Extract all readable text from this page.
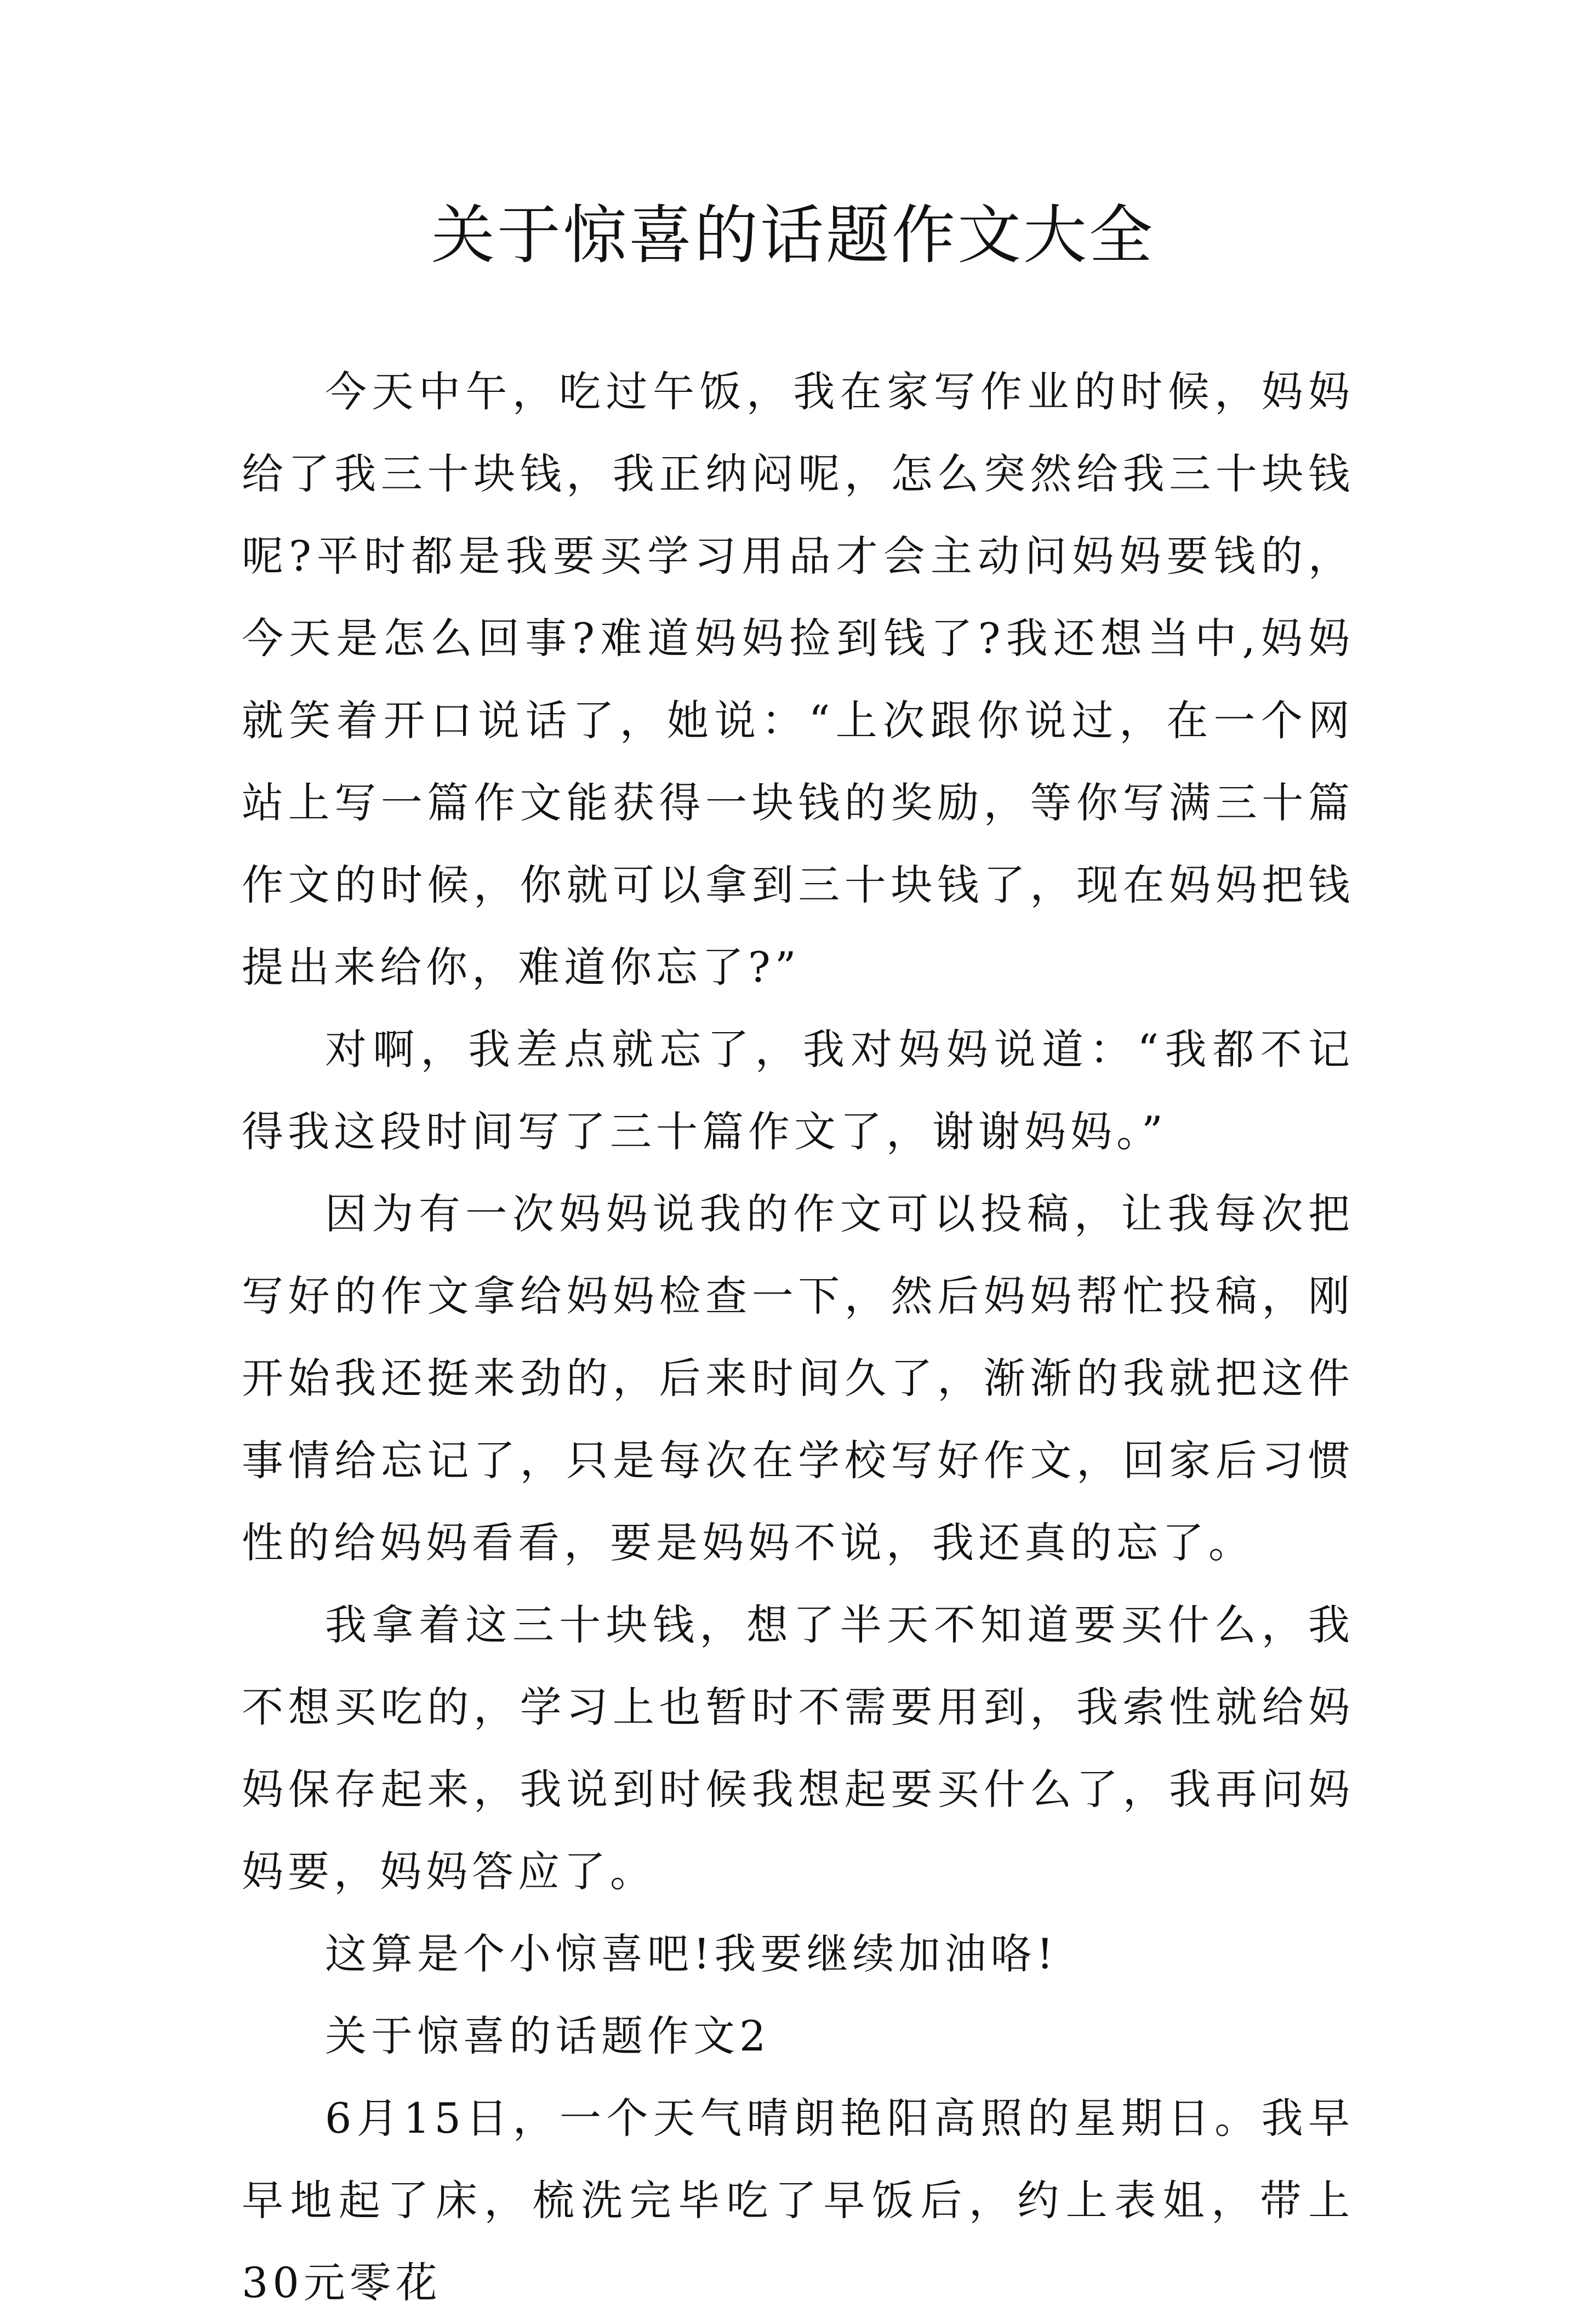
关于惊喜的话题作文大全

今天中午，吃过午饭，我在家写作业的时候，妈妈给了我三十块钱，我正纳闷呢，怎么突然给我三十块钱呢?平时都是我要买学习用品才会主动问妈妈要钱的，今天是怎么回事?难道妈妈捡到钱了?我还想当中,妈妈就笑着开口说话了，她说：“上次跟你说过，在一个网站上写一篇作文能获得一块钱的奖励，等你写满三十篇作文的时候，你就可以拿到三十块钱了，现在妈妈把钱提出来给你，难道你忘了?”

对啊，我差点就忘了，我对妈妈说道：“我都不记得我这段时间写了三十篇作文了，谢谢妈妈。”

因为有一次妈妈说我的作文可以投稿，让我每次把写好的作文拿给妈妈检查一下，然后妈妈帮忙投稿，刚开始我还挺来劲的，后来时间久了，渐渐的我就把这件事情给忘记了，只是每次在学校写好作文，回家后习惯性的给妈妈看看，要是妈妈不说，我还真的忘了。

我拿着这三十块钱，想了半天不知道要买什么，我不想买吃的，学习上也暂时不需要用到，我索性就给妈妈保存起来，我说到时候我想起要买什么了，我再问妈妈要，妈妈答应了。

这算是个小惊喜吧!我要继续加油咯!

关于惊喜的话题作文2

6月15日，一个天气晴朗艳阳高照的星期日。我早早地起了床，梳洗完毕吃了早饭后，约上表姐，带上30元零花
